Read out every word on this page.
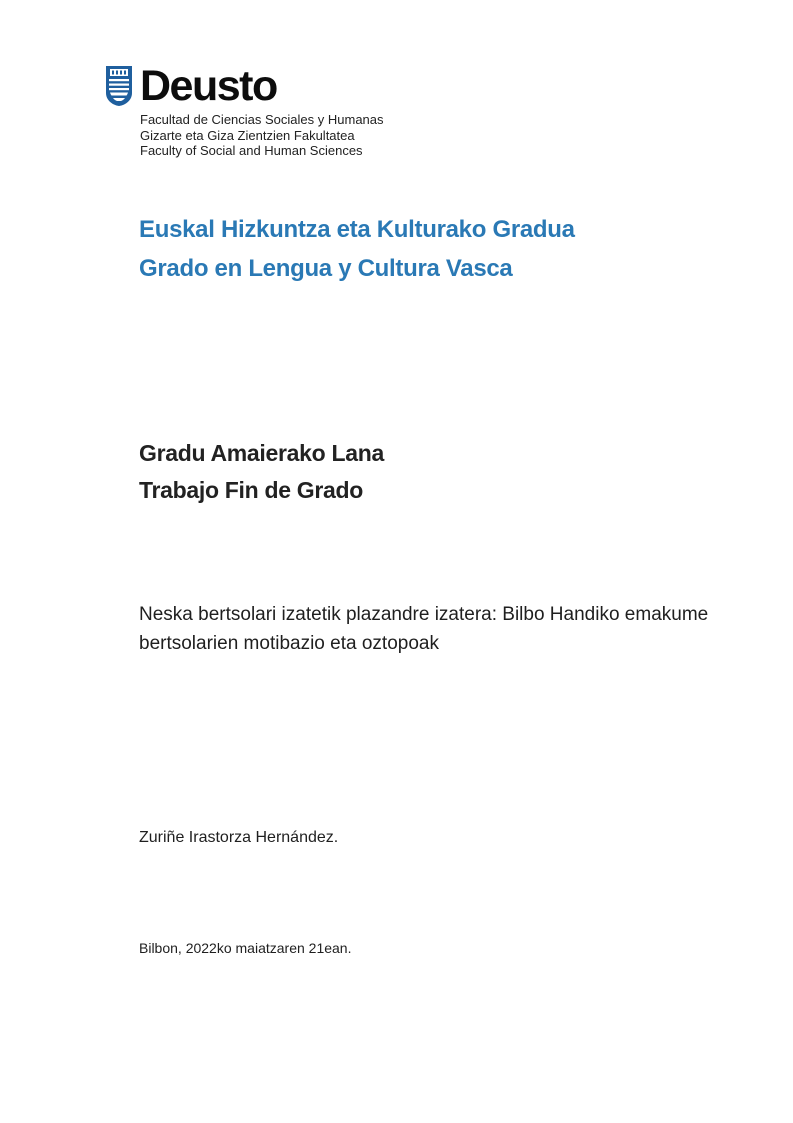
Deusto
Facultad de Ciencias Sociales y Humanas
Gizarte eta Giza Zientzien Fakultatea
Faculty of Social and Human Sciences
Euskal Hizkuntza eta Kulturako Gradua
Grado en Lengua y Cultura Vasca
Gradu Amaierako Lana
Trabajo Fin de Grado
Neska bertsolari izatetik plazandre izatera: Bilbo Handiko emakume bertsolarien motibazio eta oztopoak
Zuriñe Irastorza Hernández.
Bilbon, 2022ko maiatzaren 21ean.
